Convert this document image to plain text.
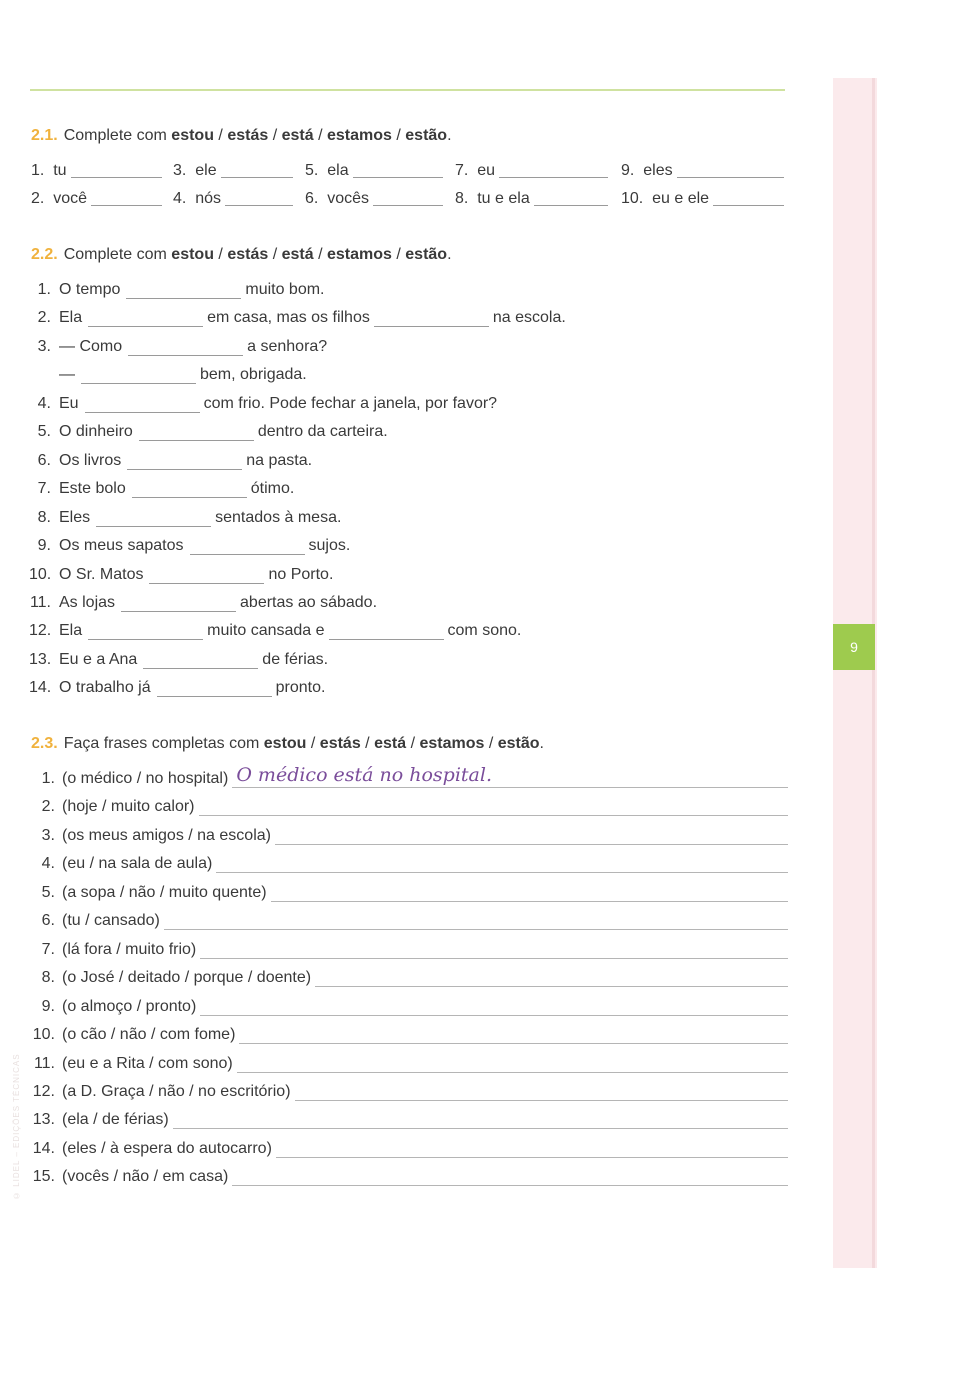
9
© LIDEL – EDIÇÕES TÉCNICAS
2.1. Complete com estou / estás / está / estamos / estão.
2.2. Complete com estou / estás / está / estamos / estão.
2.3. Faça frases completas com estou / estás / está / estamos / estão.
1.  tu	3.  ele	5.  ela	7.  eu	9.  eles
2.  você	4.  nós	6.  vocês	8.  tu e ela	10.  eu e ele
1. O tempo	muito bom.
2. Ela	em casa, mas os filhos	na escola.
3. — Como	a senhora?
—	bem, obrigada.
4. Eu	com frio. Pode fechar a janela, por favor?
5. O dinheiro	dentro da carteira.
6. Os livros	na pasta.
7. Este bolo	ótimo.
8. Eles	sentados à mesa.
9. Os meus sapatos	sujos.
10. O Sr. Matos	no Porto.
11. As lojas	abertas ao sábado.
12. Ela	muito cansada e	com sono.
13. Eu e a Ana	de férias.
14. O trabalho já	pronto.
1. (o médico / no hospital) O médico está no hospital.
2. (hoje / muito calor)
3. (os meus amigos / na escola)
4. (eu / na sala de aula)
5. (a sopa / não / muito quente)
6. (tu / cansado)
7. (lá fora / muito frio)
8. (o José / deitado / porque / doente)
9. (o almoço / pronto)
10. (o cão / não / com fome)
11. (eu e a Rita / com sono)
12. (a D. Graça / não / no escritório)
13. (ela / de férias)
14. (eles / à espera do autocarro)
15. (vocês / não / em casa)
